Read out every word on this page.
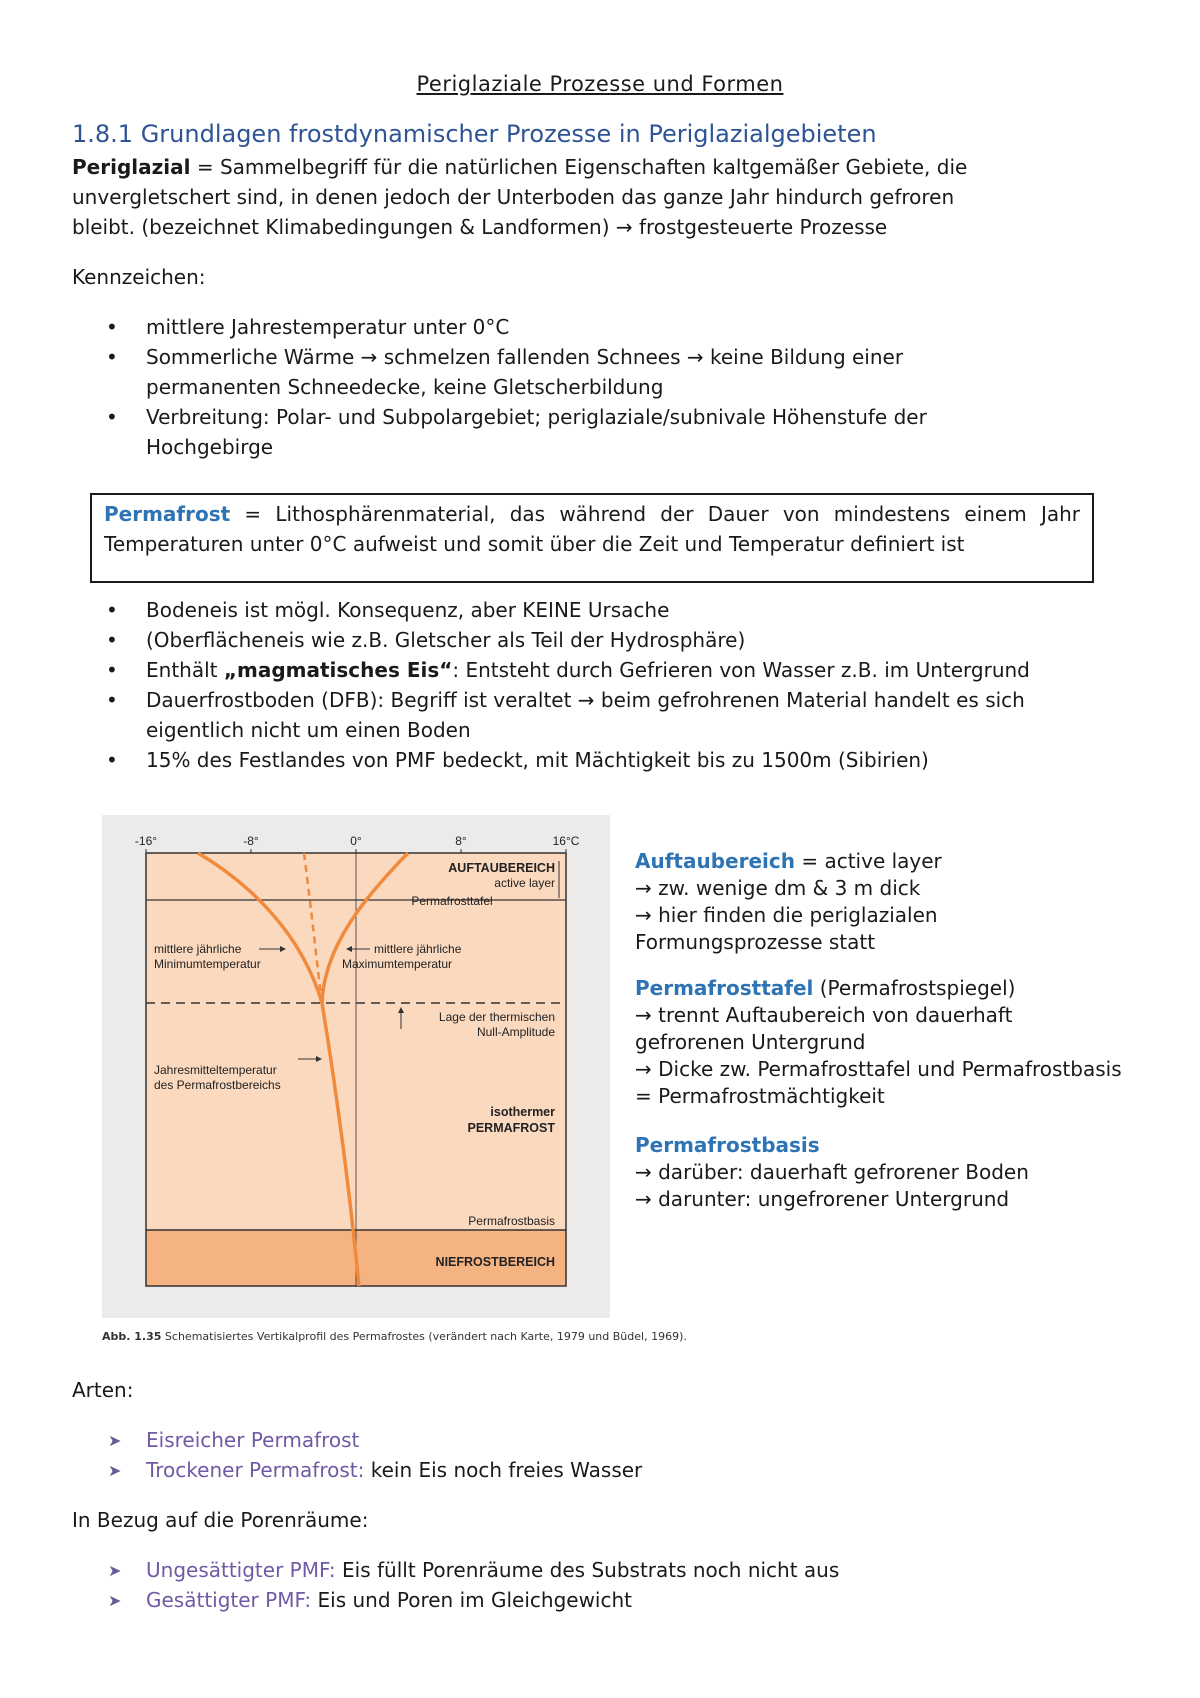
Periglaziale Prozesse und Formen
1.8.1 Grundlagen frostdynamischer Prozesse in Periglazialgebieten
Periglazial = Sammelbegriff für die natürlichen Eigenschaften kaltgemäßer Gebiete, die
unvergletschert sind, in denen jedoch der Unterboden das ganze Jahr hindurch gefroren
bleibt. (bezeichnet Klimabedingungen & Landformen) → frostgesteuerte Prozesse
Kennzeichen:
• mittlere Jahrestemperatur unter 0°C
• Sommerliche Wärme → schmelzen fallenden Schnees → keine Bildung einer
permanenten Schneedecke, keine Gletscherbildung
• Verbreitung: Polar- und Subpolargebiet; periglaziale/subnivale Höhenstufe der
Hochgebirge
Permafrost = Lithosphärenmaterial, das während der Dauer von mindestens einem Jahr Temperaturen unter 0°C aufweist und somit über die Zeit und Temperatur definiert ist
• Bodeneis ist mögl. Konsequenz, aber KEINE Ursache
• (Oberflächeneis wie z.B. Gletscher als Teil der Hydrosphäre)
• Enthält „magmatisches Eis“: Entsteht durch Gefrieren von Wasser z.B. im Untergrund
• Dauerfrostboden (DFB): Begriff ist veraltet → beim gefrohrenen Material handelt es sich
eigentlich nicht um einen Boden
• 15% des Festlandes von PMF bedeckt, mit Mächtigkeit bis zu 1500m (Sibirien)
-16°	-8°	0°	8°	16°C
AUFTAUBEREICH
active layer
Permafrosttafel
mittlere jährliche
Minimumtemperatur
mittlere jährliche
Maximumtemperatur
Lage der thermischen
Null-Amplitude
Jahresmitteltemperatur
des Permafrostbereichs
isothermer
PERMAFROST
Permafrostbasis
NIEFROSTBEREICH
Abb. 1.35 Schematisiertes Vertikalprofil des Permafrostes (verändert nach Karte, 1979 und Büdel, 1969).
Auftaubereich = active layer
→ zw. wenige dm & 3 m dick
→ hier finden die periglazialen
Formungsprozesse statt
Permafrosttafel (Permafrostspiegel)
→ trennt Auftaubereich von dauerhaft
gefrorenen Untergrund
→ Dicke zw. Permafrosttafel und Permafrostbasis
= Permafrostmächtigkeit
Permafrostbasis
→ darüber: dauerhaft gefrorener Boden
→ darunter: ungefrorener Untergrund
Arten:
➤ Eisreicher Permafrost
➤ Trockener Permafrost: kein Eis noch freies Wasser
In Bezug auf die Porenräume:
➤ Ungesättigter PMF: Eis füllt Porenräume des Substrats noch nicht aus
➤ Gesättigter PMF: Eis und Poren im Gleichgewicht
